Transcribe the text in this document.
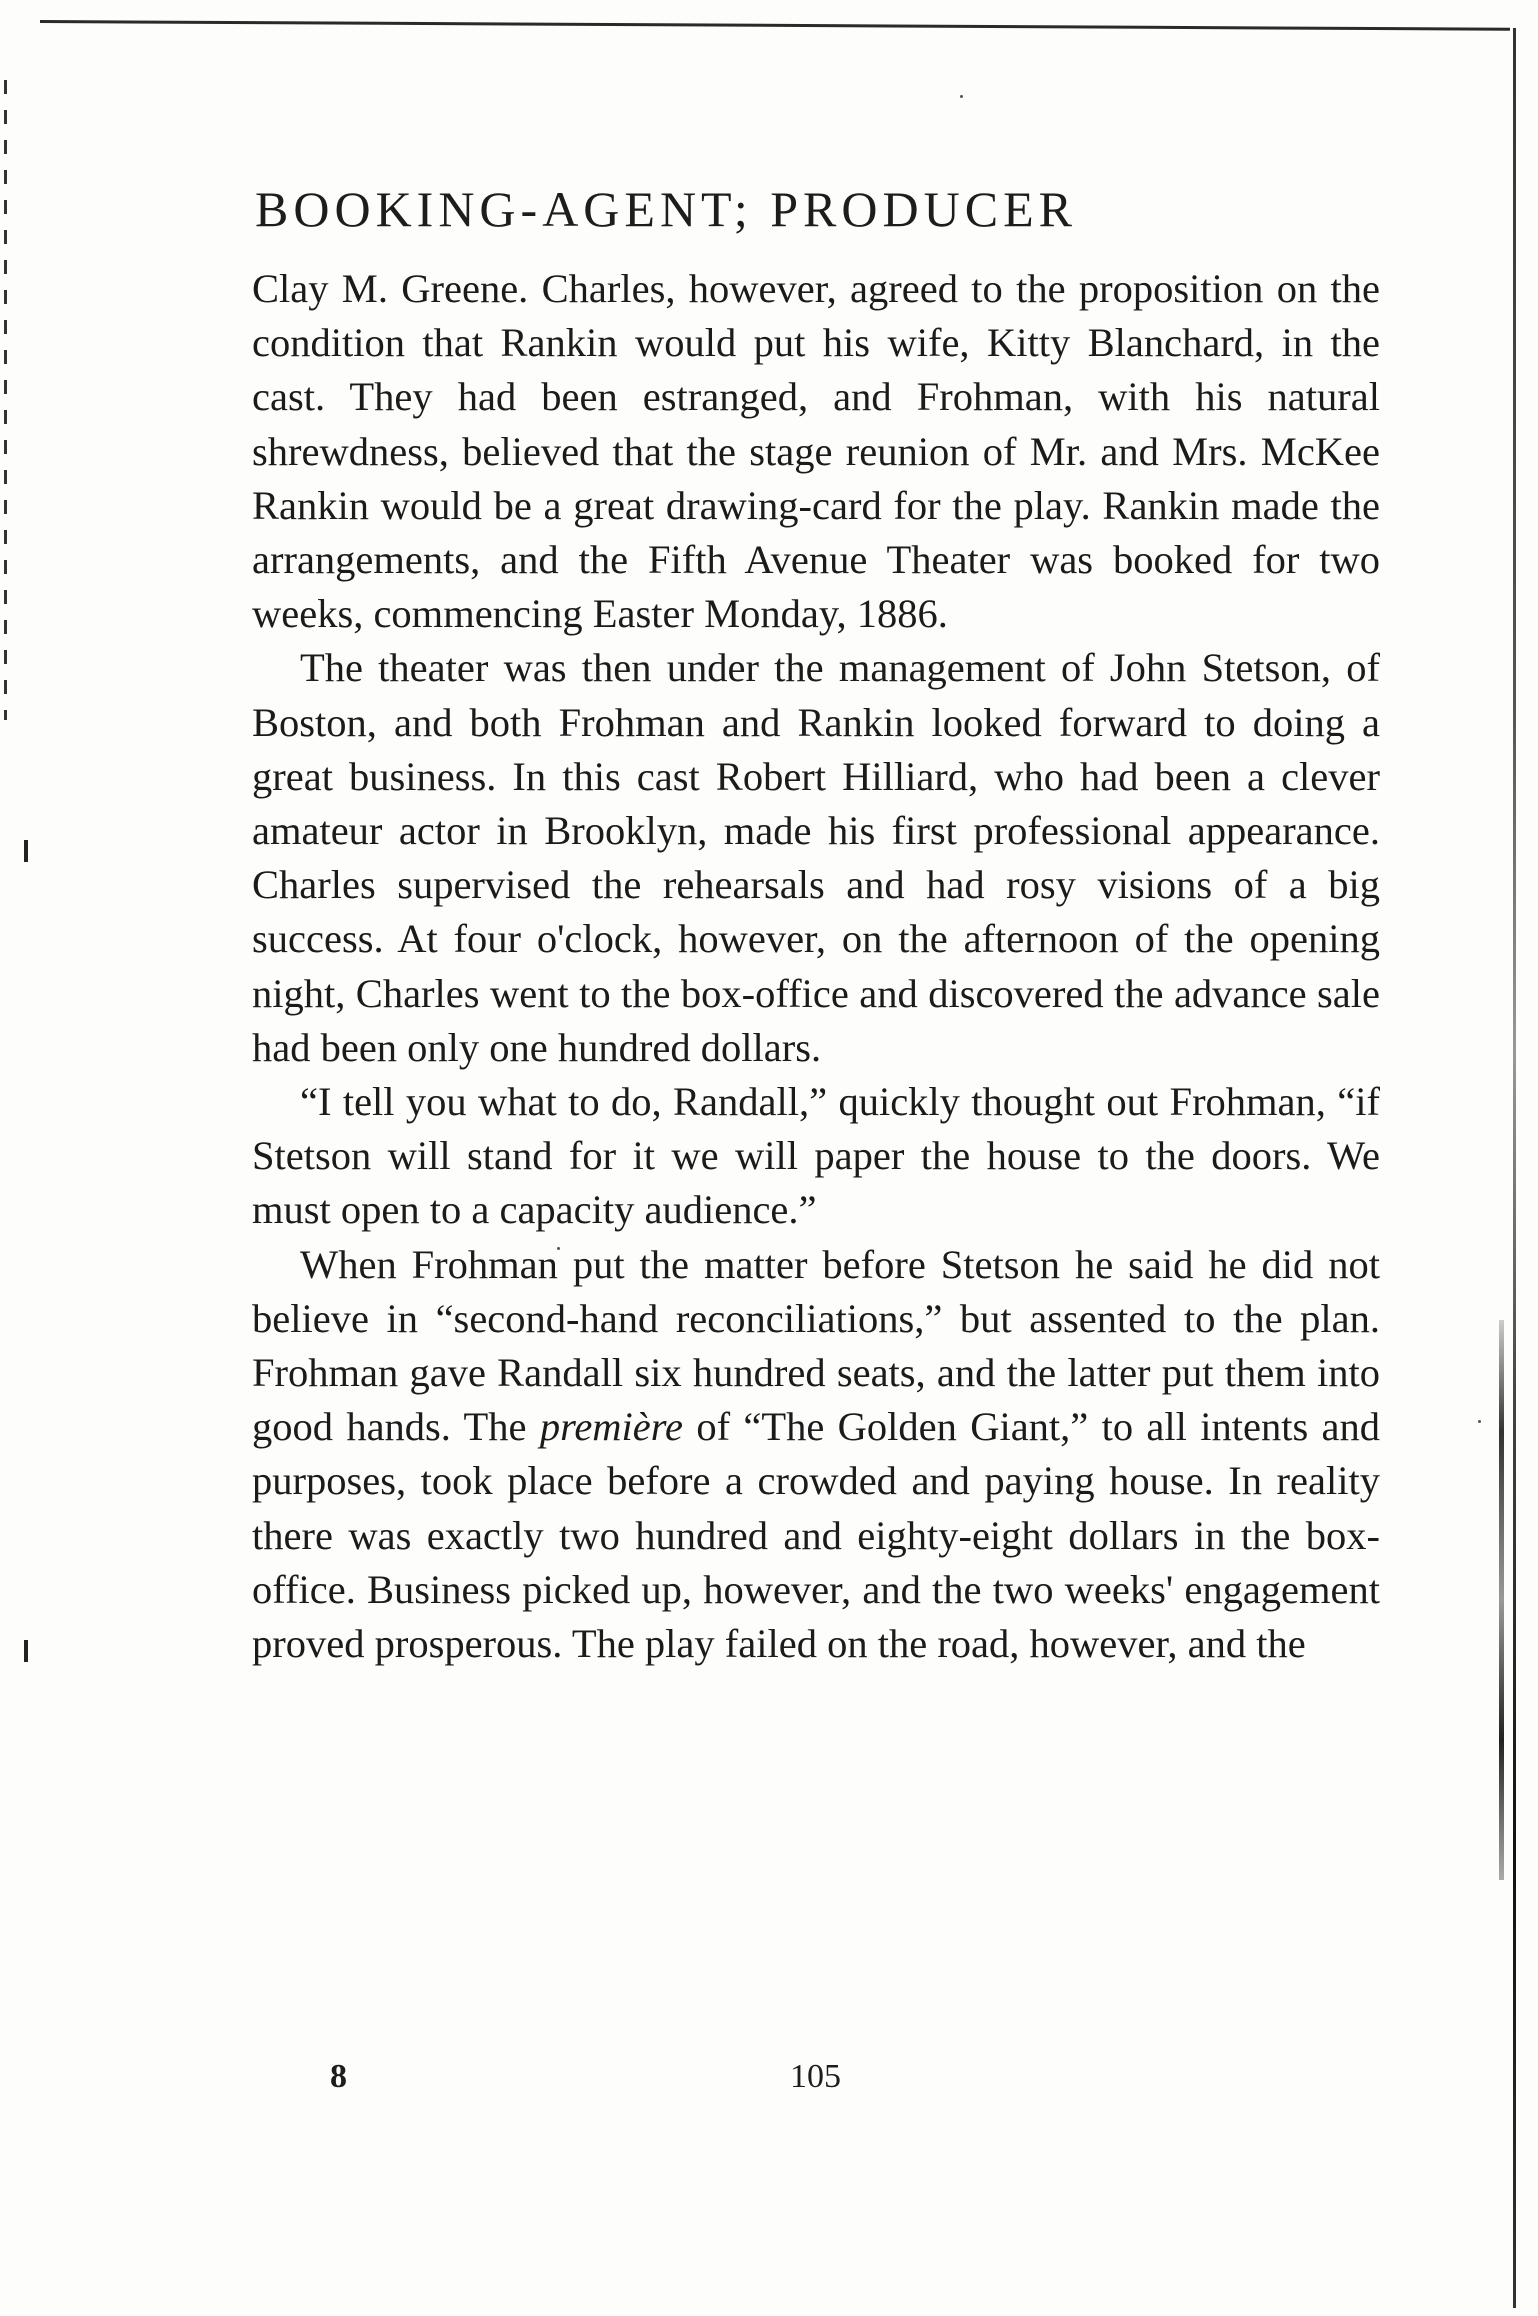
BOOKING-AGENT; PRODUCER

Clay M. Greene. Charles, however, agreed to the proposition on the condition that Rankin would put his wife, Kitty Blanchard, in the cast. They had been estranged, and Frohman, with his natural shrewdness, believed that the stage reunion of Mr. and Mrs. McKee Rankin would be a great drawing-card for the play. Rankin made the arrangements, and the Fifth Avenue Theater was booked for two weeks, commencing Easter Monday, 1886.

The theater was then under the management of John Stetson, of Boston, and both Frohman and Rankin looked forward to doing a great business. In this cast Robert Hilliard, who had been a clever amateur actor in Brooklyn, made his first professional appearance. Charles supervised the rehearsals and had rosy visions of a big success. At four o'clock, however, on the afternoon of the opening night, Charles went to the box-office and discovered the advance sale had been only one hundred dollars.

“I tell you what to do, Randall,” quickly thought out Frohman, “if Stetson will stand for it we will paper the house to the doors. We must open to a capacity audience.”

When Frohman put the matter before Stetson he said he did not believe in “second-hand reconciliations,” but assented to the plan. Frohman gave Randall six hundred seats, and the latter put them into good hands. The première of “The Golden Giant,” to all intents and purposes, took place before a crowded and paying house. In reality there was exactly two hundred and eighty-eight dollars in the box-office. Business picked up, however, and the two weeks' engagement proved prosperous. The play failed on the road, however, and the

8	105
